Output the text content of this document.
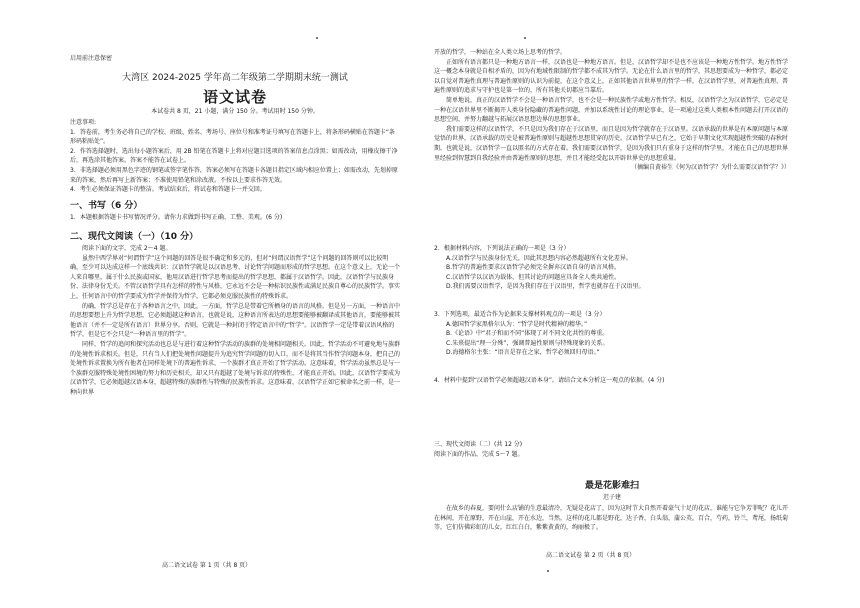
启用前注意保密
大湾区 2024-2025 学年高二年级第二学期期末统一测试
语文试卷
本试卷共 8 页，21 小题，满分 150 分。考试用时 150 分钟。

注意事项:

1．答卷前，考生务必将自己的学校、班级、姓名、考场号、座位号和准考证号填写在答题卡上，将条形码横贴在答题卡“条形码粘贴处”。

2．作答选择题时，选出每小题答案后，用 2B 铅笔在答题卡上将对应题目选项的答案信息点涂黑；如需改动，用橡皮擦干净后，再选涂其他答案。答案不能答在试卷上。

3．非选择题必须用黑色字迹的钢笔或签字笔作答，答案必须写在答题卡各题目指定区域内相应位置上；如需改动，先划掉原来的答案，然后再写上新答案；不准使用铅笔和涂改液。不按以上要求作答无效。

4．考生必须保证答题卡的整洁。考试结束后，将试卷和答题卡一并交回。

一、书写（6 分）
1．本题根据答题卡书写情况评分。请你力求做到书写正确、工整、美观。(6 分)
二、现代文阅读（一）（10 分）

阅读下面的文字，完成 2～4 题。

虽然中西学界对“何谓哲学”这个问题的回答是很不确定和多元的，但对“何谓汉语哲学”这个问题的回答则可以比较明确，至少可以达成这样一个底线共识：汉语哲学就是以汉语思考、讨论哲学问题而形成的哲学思想。在这个意义上，无论一个人来自哪里，属于什么民族或国家，他用汉语进行哲学思考而提出的哲学思想，都属于汉语哲学。因此，汉语哲学与民族身份、法律身份无关。不管汉语哲学具有怎样的特性与风格，它永远不会是一种标识民族性或满足民族自尊心的民族哲学。事实上，任何语言中的哲学要成为哲学并保持为哲学，它都必须克服民族性的特殊诉求。

的确，哲学总是存在于各种语言之中，因此，一方面，哲学总是带着它所栖身的语言的风格。但是另一方面，一种语言中的思想要想上升为哲学思想，它必须超越这种语言，也就是说，这种语言所表达的思想要能够被翻译成其他语言，要能够被其他语言（并不一定是所有语言）世界分享。否则，它就是一种封闭于特定语言中的“哲学”。汉语哲学一定是带着汉语风格的哲学，但是它不会只是“一种语言里的哲学”。

同样，哲学的追问和探究活动也总是与进行着这种哲学活动的族群的处境相问题相关。因此，哲学活动不可避免地与族群的处境性诉求相关。但是，只有当人们把处境性问题提升为追究哲学问题的切入口，而不是将其当作哲学问题本身，把自己的处境性诉求置换为所有他者在同样处境下的普遍性诉求，一个族群才真正开始了哲学活动。这意味着，哲学活动虽然总是与一个族群克服特殊处境性困境的努力和历史相关，却又只有超越了处境与诉求的特殊性，才能真正开始。因此，汉语哲学要成为汉语哲学，它必须超越汉语本身，超越特殊的族群性与特殊的民族性诉求。这意味着，汉语哲学正如它被命名之前一样，是一种向世界

高二语文试卷 第 1 页（共 8 页）

开放的哲学，一种站在全人类立场上思考的哲学。

正如所有语言都只是一种地方语言一样，汉语也是一种地方语言。但是，汉语哲学却不是也不应该是一种地方性哲学。地方性哲学这一概念本身就是自相矛盾的，因为有地域性限制的哲学都不成其为哲学。无论在什么语言里的哲学，其思想要成为一种哲学，都必定以自觉对普遍性真理与普遍性原则的认识为前提，在这个意义上，正如其他语言世界里的哲学一样，在汉语哲学里，对普遍性真理、普遍性原则的追求与守护也是第一位的，所有其他关切都应当靠后。

简单地说，真正的汉语哲学不会是一种语言哲学，也不会是一种民族性学或地方性哲学。相反，汉语哲学之为汉语哲学，它必定是一种在汉语世界里不断揭开人类身份隐藏的普遍性问题，并加以系统性讨论的理论事业，是一项通过这类人类根本性问题去打开汉语的思想空间，并努力翻越与拓展汉语思想边界的思想事业。

我们需要这样的汉语哲学，不只是因为我们存在于汉语里，而且是因为哲学就存在于汉语里。汉语承载的世界是有本原问题与本原觉悟的世界，汉语承载的历史是被普遍性原则与超越性思想贯穿的历史。汉语哲学早已有之，它始于早期文化实现超越性突破的春秋时期。也就是说，汉语哲学一直以匿名的方式存在着。我们需要汉语哲学，是因为我们只有重身于这样的哲学里，才能在自己的思想世界里经验到智慧到自我经验并由普遍性原则的思想，并且才能经受起以开辟世界史的思想重量。

（摘编自黄裕生《何为汉语哲学？为什么需要汉语哲学？》）

2．根据材料内容，下列说法正确的一项是（3 分）

A.汉语哲学与民族身份无关，因此其思想内容必然超越所有文化差异。

B.哲学的普遍性要求汉语哲学必须完全摒弃汉语自身的语言风格。

C.汉语哲学以汉语为载体，但其讨论的问题应具备全人类共通性。

D.我们需要汉语哲学，是因为我们存在于汉语里，哲学也就存在于汉语里。

3．下列选项，最适合作为论据来支撑材料观点的一项是（3 分）

A.德国哲学家黑格尔认为：“哲学是时代精神的精华。”

B.《论语》中“君子和而不同”体现了对不同文化共性的尊重。

C.朱熹提出“理一分殊”，强调普遍性原则与特殊现象的关系。

D.海德格尔主张：“语言是存在之家，哲学必须回归母语。”

4．材料中提到“汉语哲学必须超越汉语本身”。请结合文本分析这一观点的依据。(4 分)

三、现代文阅读（二）(共 12 分)

阅读下面的作品，完成 5～7 题。

最是花影难扫
迟子建
在故乡的春夏，要问什么店铺的生意最清冷，无疑是花店了，因为这时节大自然开着豪气十足的花店，谁能与它争芳菲呢？花儿开在林间，开在原野，开在山崖，开在水边，当然，这样的花儿都是野花，达子香，白头翁，蒲公英，百合，芍药，铃兰，鸢尾，扬纸菊等，它们仿佛彩虹的儿女，红红白白，紫紫黄黄的，绚丽极了。
高二语文试卷 第 2 页（共 8 页）
